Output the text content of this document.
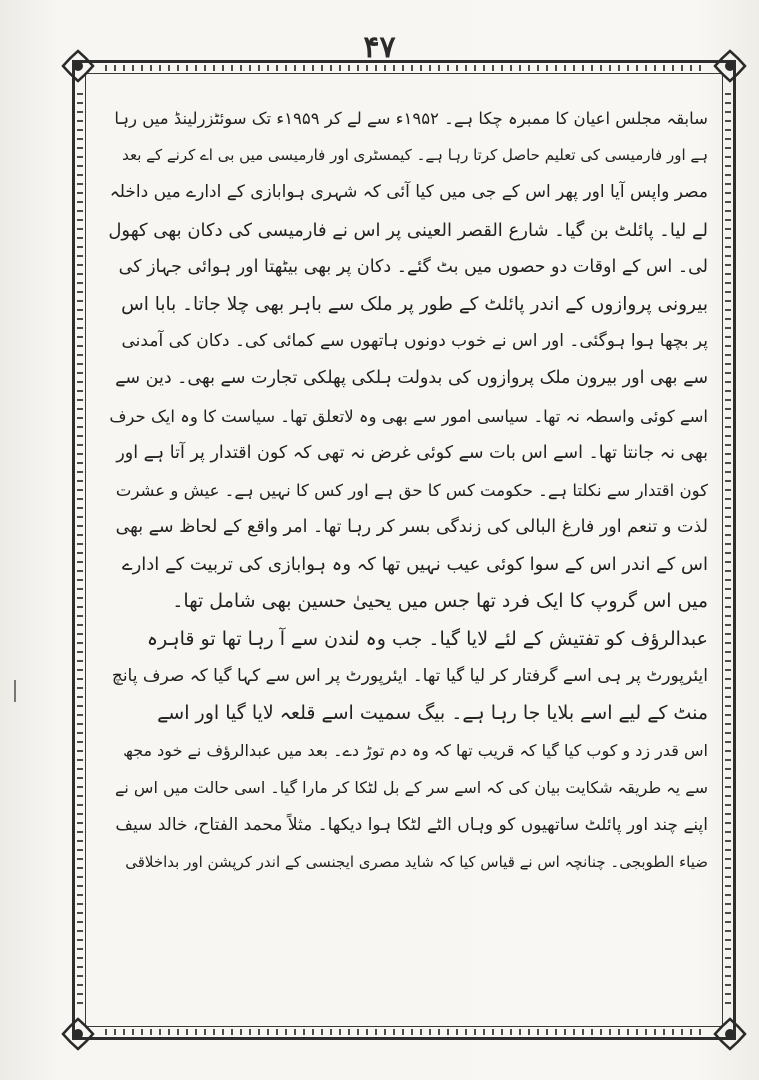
۴۷
سابقہ مجلس اعیان کا ممبرہ چکا ہے۔ ۱۹۵۲ء سے لے کر ۱۹۵۹ء تک سوئٹزرلینڈ میں رہا
ہے اور فارمیسی کی تعلیم حاصل کرتا رہا ہے۔ کیمسٹری اور فارمیسی میں بی اے کرنے کے بعد
مصر واپس آیا اور پھر اس کے جی میں کیا آئی کہ شہری ہوابازی کے ادارے میں داخلہ
لے لیا۔ پائلٹ بن گیا۔ شارع القصر العینی پر اس نے فارمیسی کی دکان بھی کھول
لی۔ اس کے اوقات دو حصوں میں بٹ گئے۔ دکان پر بھی بیٹھتا اور ہوائی جہاز کی
بیرونی پروازوں کے اندر پائلٹ کے طور پر ملک سے باہر بھی چلا جاتا۔ بابا اس
پر بچھا ہوا ہوگئی۔ اور اس نے خوب دونوں ہاتھوں سے کمائی کی۔ دکان کی آمدنی
سے بھی اور بیرون ملک پروازوں کی بدولت ہلکی پھلکی تجارت سے بھی۔ دین سے
اسے کوئی واسطہ نہ تھا۔ سیاسی امور سے بھی وہ لاتعلق تھا۔ سیاست کا وہ ایک حرف
بھی نہ جانتا تھا۔ اسے اس بات سے کوئی غرض نہ تھی کہ کون اقتدار پر آتا ہے اور
کون اقتدار سے نکلتا ہے۔ حکومت کس کا حق ہے اور کس کا نہیں ہے۔ عیش و عشرت
لذت و تنعم اور فارغ البالی کی زندگی بسر کر رہا تھا۔ امر واقع کے لحاظ سے بھی
اس کے اندر اس کے سوا کوئی عیب نہیں تھا کہ وہ ہوابازی کی تربیت کے ادارے
میں اس گروپ کا ایک فرد تھا جس میں یحییٰ حسین بھی شامل تھا۔
عبدالرؤف کو تفتیش کے لئے لایا گیا۔ جب وہ لندن سے آ رہا تھا تو قاہرہ
ایئرپورٹ پر ہی اسے گرفتار کر لیا گیا تھا۔ ایئرپورٹ پر اس سے کہا گیا کہ صرف پانچ
منٹ کے لیے اسے بلایا جا رہا ہے۔ بیگ سمیت اسے قلعہ لایا گیا اور اسے
اس قدر زد و کوب کیا گیا کہ قریب تھا کہ وہ دم توڑ دے۔ بعد میں عبدالرؤف نے خود مجھ
سے یہ طریقہ شکایت بیان کی کہ اسے سر کے بل لٹکا کر مارا گیا۔ اسی حالت میں اس نے
اپنے چند اور پائلٹ ساتھیوں کو وہاں الٹے لٹکا ہوا دیکھا۔ مثلاً محمد الفتاح، خالد سیف
ضیاء الطوبجی۔ چنانچہ اس نے قیاس کیا کہ شاید مصری ایجنسی کے اندر کرپشن اور بداخلاقی
